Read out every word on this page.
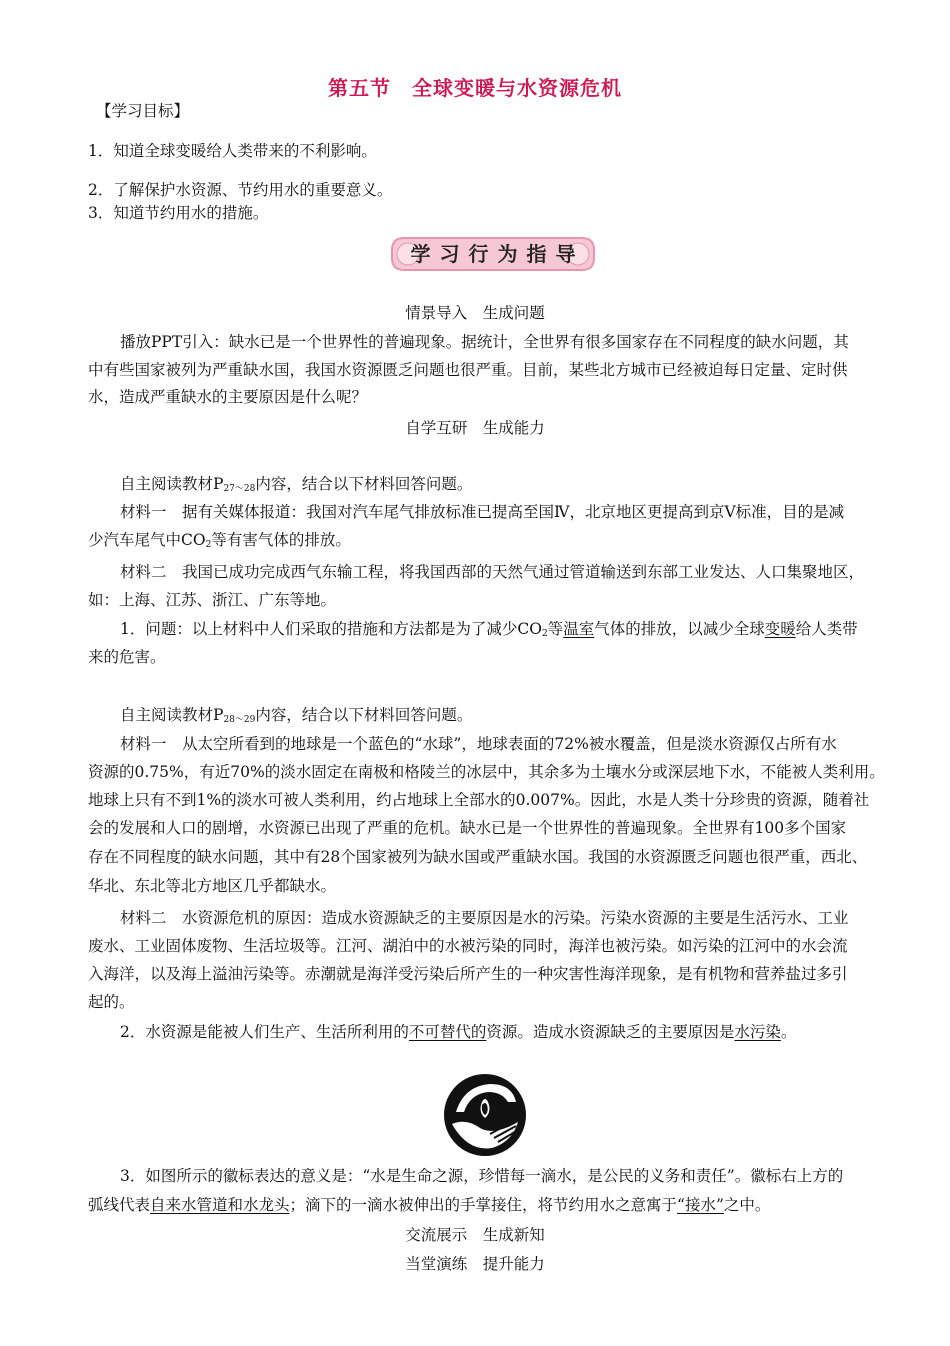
第五节　全球变暖与水资源危机
【学习目标】
1．知道全球变暖给人类带来的不利影响。
2．了解保护水资源、节约用水的重要意义。
3．知道节约用水的措施。
学习行为指导
情景导入　生成问题
播放PPT引入：缺水已是一个世界性的普遍现象。据统计，全世界有很多国家存在不同程度的缺水问题，其
中有些国家被列为严重缺水国，我国水资源匮乏问题也很严重。目前，某些北方城市已经被迫每日定量、定时供
水，造成严重缺水的主要原因是什么呢？
自学互研　生成能力
自主阅读教材$P_{27\sim 28}$内容，结合以下材料回答问题。
材料一　据有关媒体报道：我国对汽车尾气排放标准已提高至国Ⅳ，北京地区更提高到京Ⅴ标准，目的是减
少汽车尾气中$CO_2$等有害气体的排放。
材料二　我国已成功完成西气东输工程，将我国西部的天然气通过管道输送到东部工业发达、人口集聚地区，
如：上海、江苏、浙江、广东等地。
1．问题：以上材料中人们采取的措施和方法都是为了减少$CO_2$等温室气体的排放，以减少全球变暖给人类带
来的危害。
自主阅读教材$P_{28\sim 29}$内容，结合以下材料回答问题。
材料一　从太空所看到的地球是一个蓝色的“水球”，地球表面的72%被水覆盖，但是淡水资源仅占所有水
资源的0.75%，有近70%的淡水固定在南极和格陵兰的冰层中，其余多为土壤水分或深层地下水，不能被人类利用。
地球上只有不到1%的淡水可被人类利用，约占地球上全部水的0.007%。因此，水是人类十分珍贵的资源，随着社
会的发展和人口的剧增，水资源已出现了严重的危机。缺水已是一个世界性的普遍现象。全世界有100多个国家
存在不同程度的缺水问题，其中有28个国家被列为缺水国或严重缺水国。我国的水资源匮乏问题也很严重，西北、
华北、东北等北方地区几乎都缺水。
材料二　水资源危机的原因：造成水资源缺乏的主要原因是水的污染。污染水资源的主要是生活污水、工业
废水、工业固体废物、生活垃圾等。江河、湖泊中的水被污染的同时，海洋也被污染。如污染的江河中的水会流
入海洋，以及海上溢油污染等。赤潮就是海洋受污染后所产生的一种灾害性海洋现象，是有机物和营养盐过多引
起的。
2．水资源是能被人们生产、生活所利用的不可替代的资源。造成水资源缺乏的主要原因是水污染。
3．如图所示的徽标表达的意义是：“水是生命之源，珍惜每一滴水，是公民的义务和责任”。徽标右上方的
弧线代表自来水管道和水龙头；滴下的一滴水被伸出的手掌接住，将节约用水之意寓于“接水”之中。
交流展示　生成新知
当堂演练　提升能力
